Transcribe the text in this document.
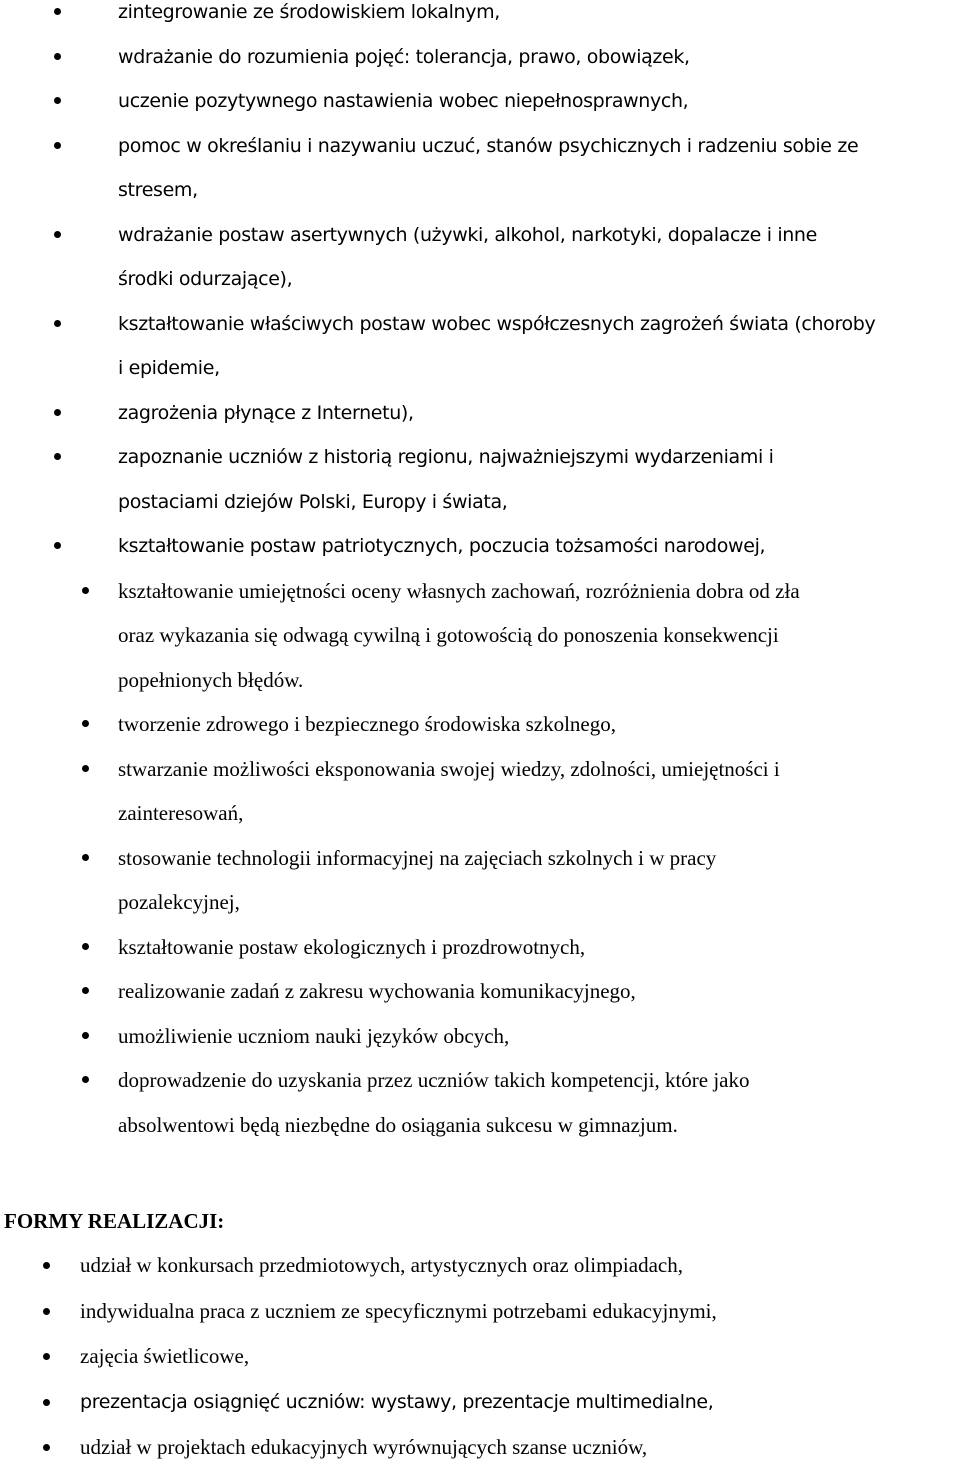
zintegrowanie ze środowiskiem lokalnym,
wdrażanie do rozumienia pojęć: tolerancja, prawo, obowiązek,
uczenie pozytywnego nastawienia wobec niepełnosprawnych,
pomoc w określaniu i nazywaniu uczuć, stanów psychicznych i radzeniu sobie ze
stresem,
wdrażanie postaw asertywnych (używki, alkohol, narkotyki, dopalacze i inne
środki odurzające),
kształtowanie właściwych postaw wobec współczesnych zagrożeń świata (choroby
i epidemie,
zagrożenia płynące z Internetu),
zapoznanie uczniów z historią regionu, najważniejszymi wydarzeniami i
postaciami dziejów Polski, Europy i świata,
kształtowanie postaw patriotycznych, poczucia tożsamości narodowej,
kształtowanie umiejętności oceny własnych zachowań, rozróżnienia dobra od zła
oraz wykazania się odwagą cywilną i gotowością do ponoszenia konsekwencji
popełnionych błędów.
tworzenie zdrowego i bezpiecznego środowiska szkolnego,
stwarzanie możliwości eksponowania swojej wiedzy, zdolności, umiejętności i
zainteresowań,
stosowanie technologii informacyjnej na zajęciach szkolnych i w pracy
pozalekcyjnej,
kształtowanie postaw ekologicznych i prozdrowotnych,
realizowanie zadań z zakresu wychowania komunikacyjnego,
umożliwienie uczniom nauki języków obcych,
doprowadzenie do uzyskania przez uczniów takich kompetencji, które jako
absolwentowi będą niezbędne do osiągania sukcesu w gimnazjum.
FORMY REALIZACJI:
udział w konkursach przedmiotowych, artystycznych oraz olimpiadach,
indywidualna praca z uczniem ze specyficznymi potrzebami edukacyjnymi,
zajęcia świetlicowe,
prezentacja osiągnięć uczniów: wystawy, prezentacje multimedialne,
udział w projektach edukacyjnych wyrównujących szanse uczniów,
